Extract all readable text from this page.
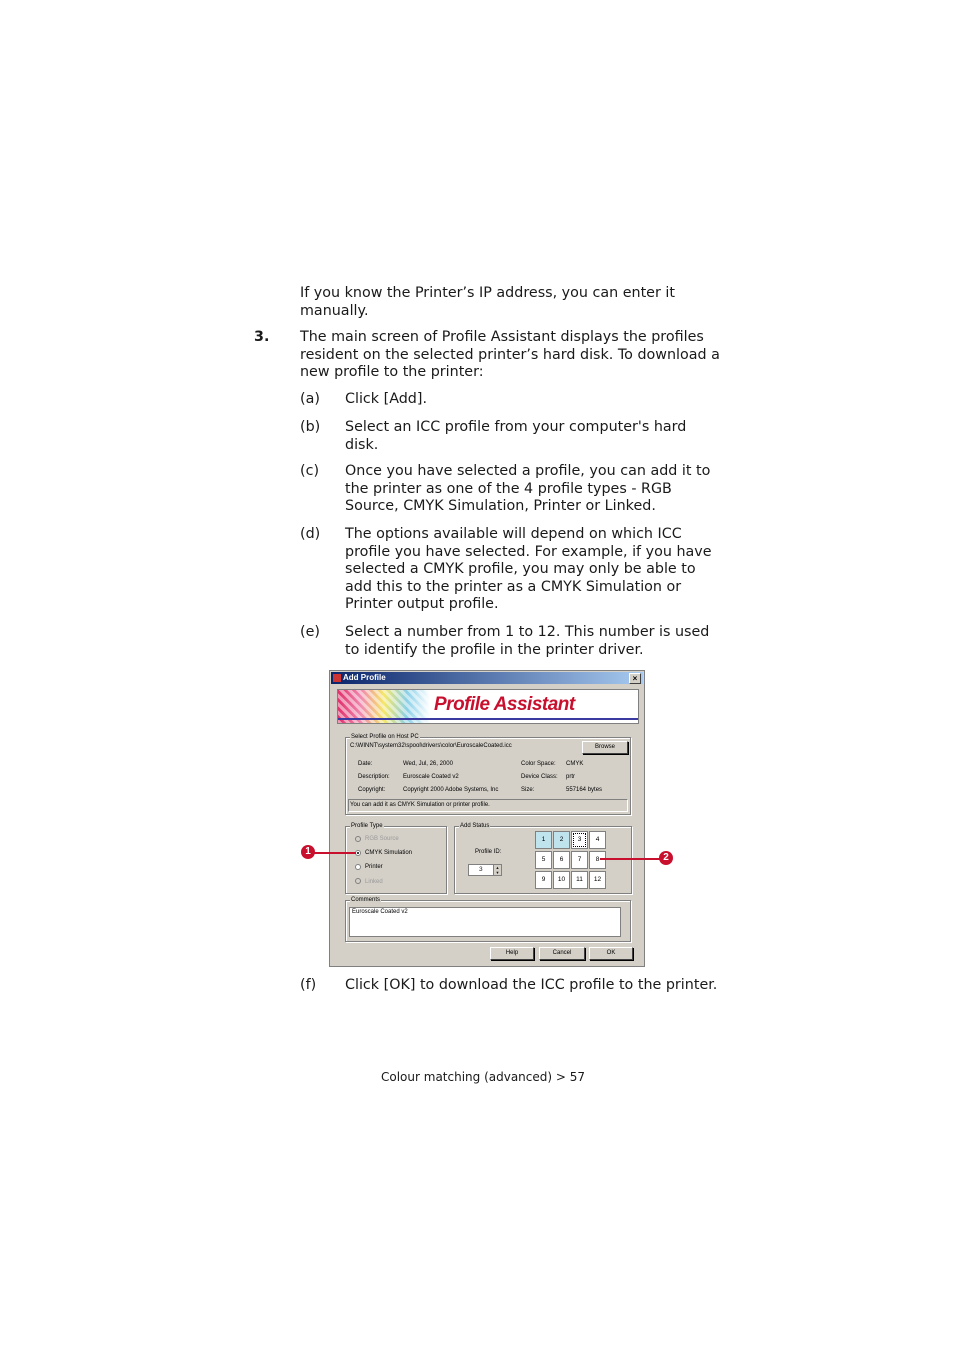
If you know the Printer’s IP address, you can enter it manually.
3. The main screen of Profile Assistant displays the profiles resident on the selected printer’s hard disk. To download a new profile to the printer:
(a) Click [Add].
(b) Select an ICC profile from your computer's hard disk.
(c) Once you have selected a profile, you can add it to the printer as one of the 4 profile types - RGB Source, CMYK Simulation, Printer or Linked.
(d) The options available will depend on which ICC profile you have selected. For example, if you have selected a CMYK profile, you may only be able to add this to the printer as a CMYK Simulation or Printer output profile.
(e) Select a number from 1 to 12. This number is used to identify the profile in the printer driver.
Add Profile	×
Profile Assistant
Select Profile on Host PC
C:\WINNT\system32\spool\drivers\color\EuroscaleCoated.icc	Browse
Date:	Wed, Jul, 26, 2000
Description: Euroscale Coated v2
Copyright:	Copyright 2000 Adobe Systems, Inc
Color Space: CMYK
Device Class: prtr
Size:	557164 bytes
You can add it as CMYK Simulation or printer profile.
Profile Type
RGB Source
CMYK Simulation
Printer
Linked
Add Status
Profile ID:
3	▲
▼
1	2	3	4
5	6	7	8
9	10	11	12
Comments
Euroscale Coated v2
Help	Cancel	OK
1
2
(f) Click [OK] to download the ICC profile to the printer.
Colour matching (advanced) > 57
